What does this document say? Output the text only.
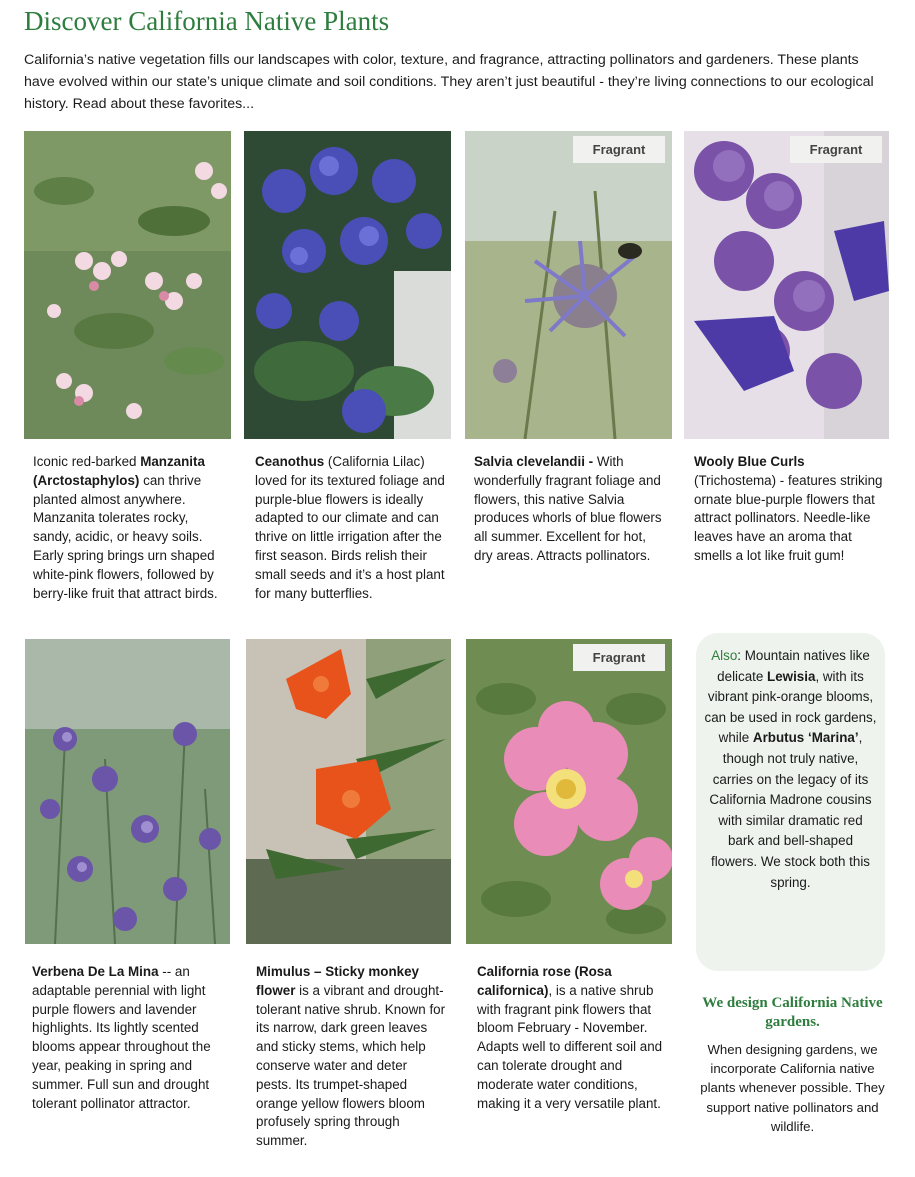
Discover California Native Plants

California’s native vegetation fills our landscapes with color, texture, and fragrance, attracting pollinators and gardeners. These plants have evolved within our state’s unique climate and soil conditions. They aren’t just beautiful - they’re living connections to our ecological history. Read about these favorites...

Fragrant	Fragrant

Iconic red-barked Manzanita (Arctostaphylos) can thrive planted almost anywhere. Manzanita tolerates rocky, sandy, acidic, or heavy soils. Early spring brings urn shaped white-pink flowers, followed by berry-like fruit that attract birds.

Ceanothus (California Lilac) loved for its textured foliage and purple-blue flowers is ideally adapted to our climate and can thrive on little irrigation after the first season. Birds relish their small seeds and it’s a host plant for many butterflies.

Salvia clevelandii - With wonderfully fragrant foliage and flowers, this native Salvia produces whorls of blue flowers all summer. Excellent for hot, dry areas. Attracts pollinators.

Wooly Blue Curls (Trichostema) - features striking ornate blue-purple flowers that attract pollinators. Needle-like leaves have an aroma that smells a lot like fruit gum!

Fragrant

Verbena De La Mina -- an adaptable perennial with light purple flowers and lavender highlights. Its lightly scented blooms appear throughout the year, peaking in spring and summer. Full sun and drought tolerant pollinator attractor.

Mimulus – Sticky monkey flower is a vibrant and drought-tolerant native shrub. Known for its narrow, dark green leaves and sticky stems, which help conserve water and deter pests. Its trumpet-shaped orange yellow flowers bloom profusely spring through summer.

California rose (Rosa californica), is a native shrub with fragrant pink flowers that bloom February - November. Adapts well to different soil and can tolerate drought and moderate water conditions, making it a very versatile plant.

Also: Mountain natives like delicate Lewisia, with its vibrant pink-orange blooms, can be used in rock gardens, while Arbutus ‘Marina’, though not truly native, carries on the legacy of its California Madrone cousins with similar dramatic red bark and bell-shaped flowers. We stock both this spring.

We design California Native gardens.

When designing gardens, we incorporate California native plants whenever possible. They support native pollinators and wildlife.
